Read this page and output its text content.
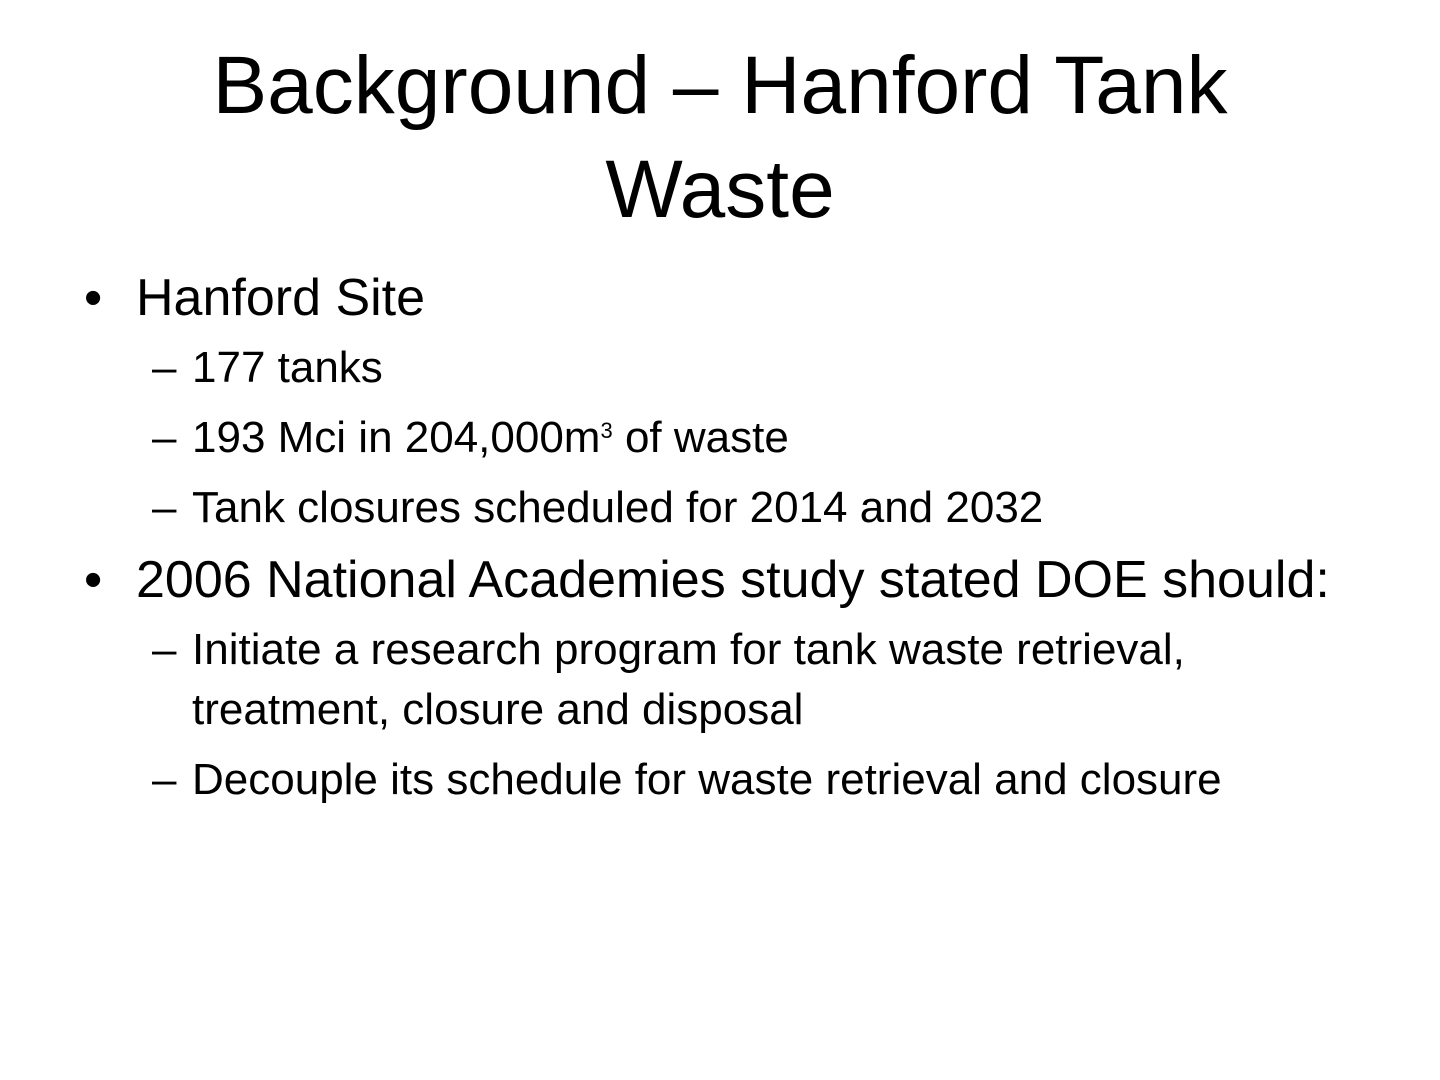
Background – Hanford Tank Waste
• Hanford Site
– 177 tanks
– 193 Mci in $204,000m^3$ of waste
– Tank closures scheduled for 2014 and 2032
• 2006 National Academies study stated DOE should:
– Initiate a research program for tank waste retrieval, treatment, closure and disposal
– Decouple its schedule for waste retrieval and closure
